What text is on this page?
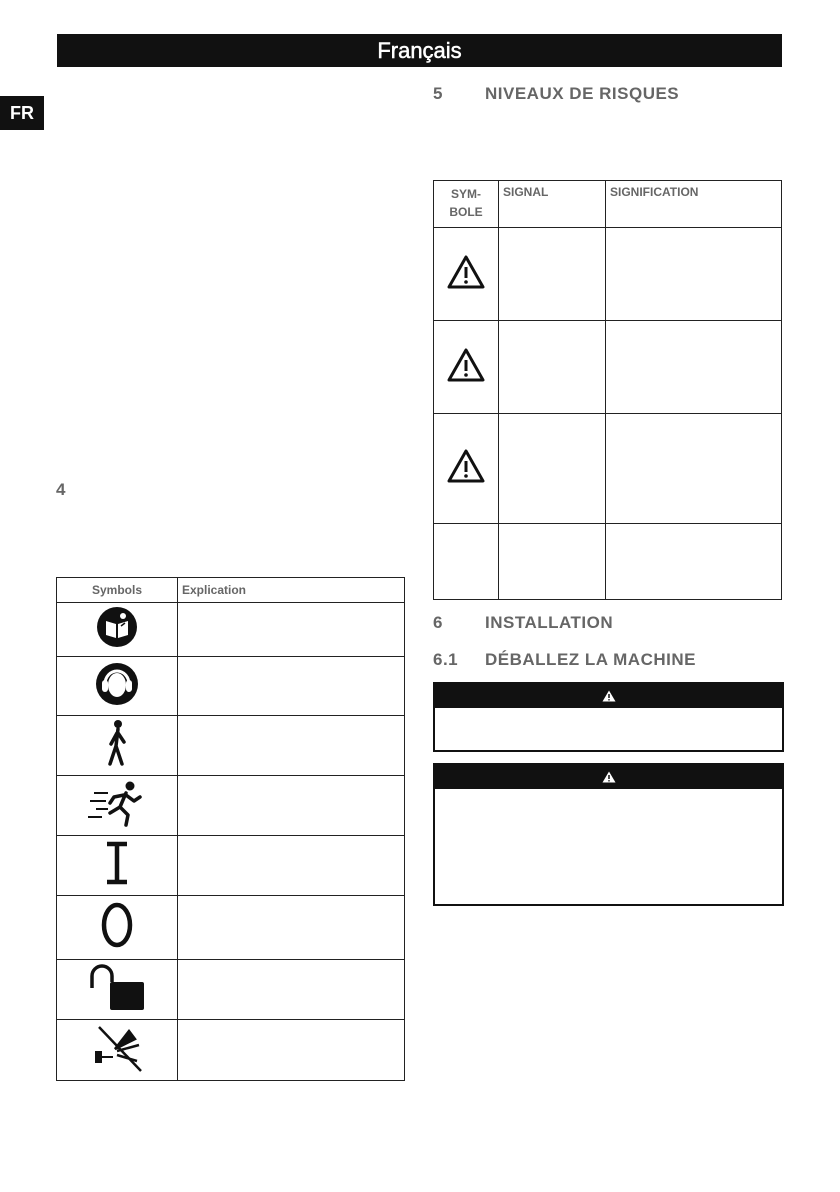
Français
FR
4
Symbols	Explication

5 NIVEAUX DE RISQUES
SYM-
BOLE	SIGNAL	SIGNIFICATION

6 INSTALLATION
6.1 DÉBALLEZ LA MACHINE
